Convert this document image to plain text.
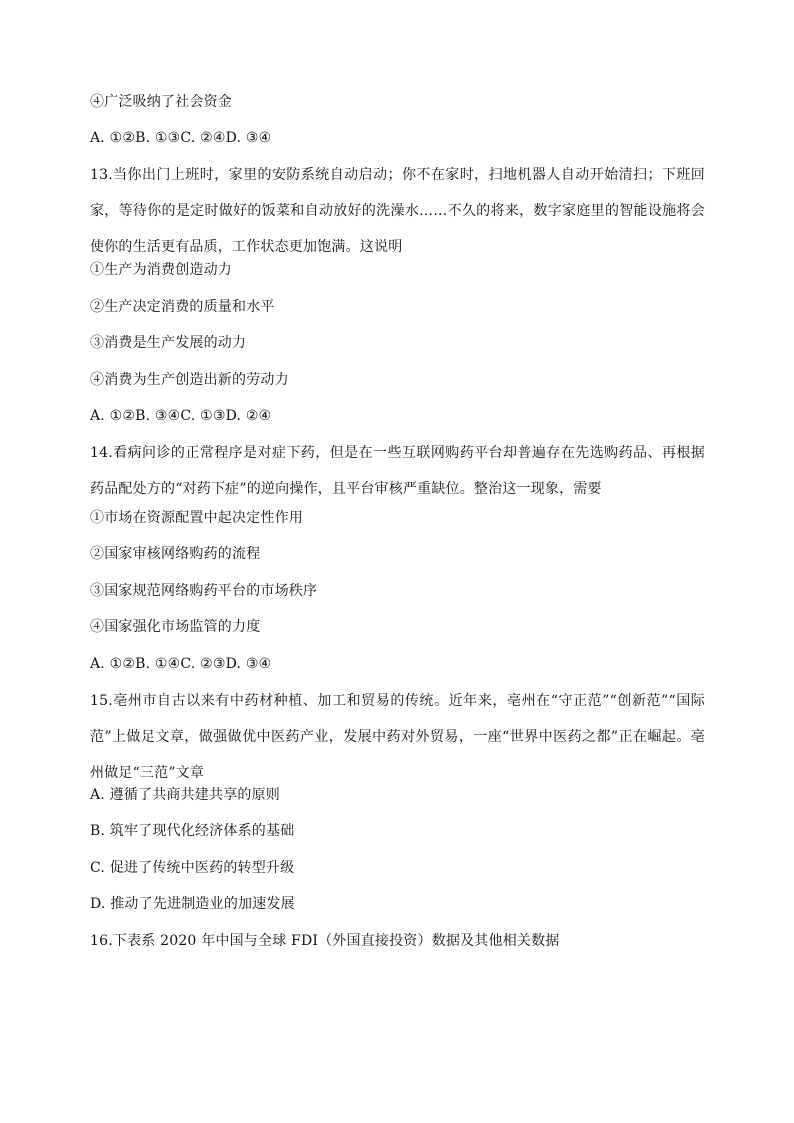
④广泛吸纳了社会资金
A. ①②B. ①③C. ②④D. ③④
13.当你出门上班时，家里的安防系统自动启动；你不在家时，扫地机器人自动开始清扫；下班回家，等待你的是定时做好的饭菜和自动放好的洗澡水……不久的将来，数字家庭里的智能设施将会使你的生活更有品质，工作状态更加饱满。这说明
①生产为消费创造动力
②生产决定消费的质量和水平
③消费是生产发展的动力
④消费为生产创造出新的劳动力
A. ①②B. ③④C. ①③D. ②④
14.看病问诊的正常程序是对症下药，但是在一些互联网购药平台却普遍存在先选购药品、再根据药品配处方的“对药下症”的逆向操作，且平台审核严重缺位。整治这一现象，需要
①市场在资源配置中起决定性作用
②国家审核网络购药的流程
③国家规范网络购药平台的市场秩序
④国家强化市场监管的力度
A. ①②B. ①④C. ②③D. ③④
15.亳州市自古以来有中药材种植、加工和贸易的传统。近年来，亳州在“守正范”“创新范”“国际范”上做足文章，做强做优中医药产业，发展中药对外贸易，一座“世界中医药之都”正在崛起。亳州做足“三范”文章
A. 遵循了共商共建共享的原则
B. 筑牢了现代化经济体系的基础
C. 促进了传统中医药的转型升级
D. 推动了先进制造业的加速发展
16.下表系 2020 年中国与全球 FDI（外国直接投资）数据及其他相关数据
